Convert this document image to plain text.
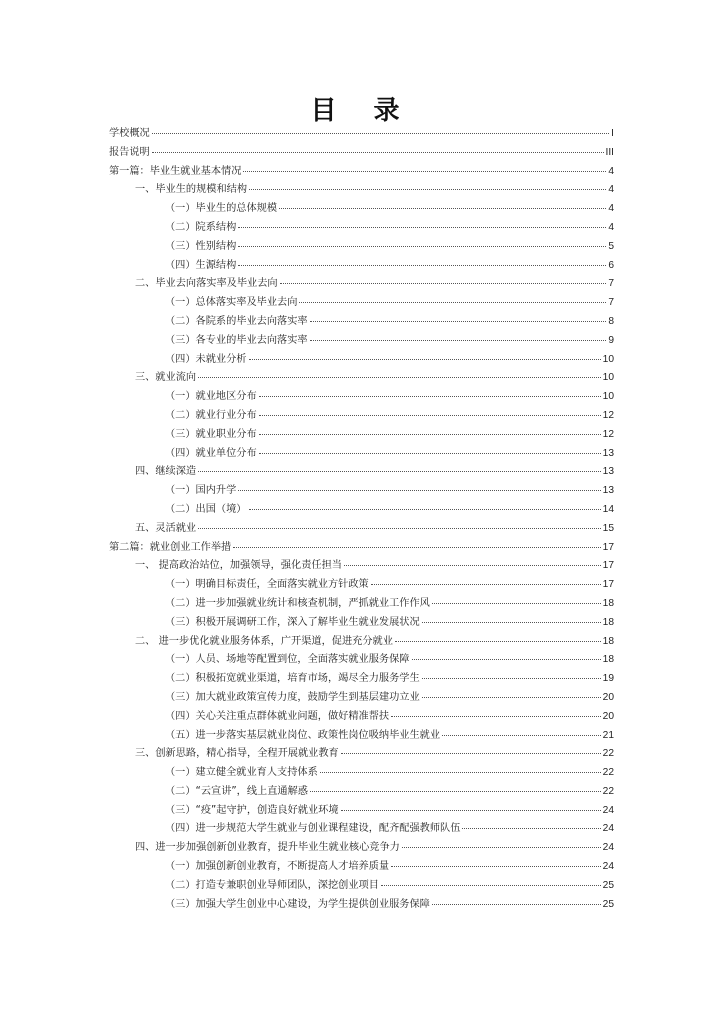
目 录
学校概况	I
报告说明	III
第一篇：毕业生就业基本情况	4
一、毕业生的规模和结构	4
（一）毕业生的总体规模	4
（二）院系结构	4
（三）性别结构	5
（四）生源结构	6
二、毕业去向落实率及毕业去向	7
（一）总体落实率及毕业去向	7
（二）各院系的毕业去向落实率	8
（三）各专业的毕业去向落实率	9
（四）未就业分析	10
三、就业流向	10
（一）就业地区分布	10
（二）就业行业分布	12
（三）就业职业分布	12
（四）就业单位分布	13
四、继续深造	13
（一）国内升学	13
（二）出国（境）	14
五、灵活就业	15
第二篇：就业创业工作举措	17
一、 提高政治站位，加强领导，强化责任担当	17
（一）明确目标责任，全面落实就业方针政策	17
（二）进一步加强就业统计和核查机制，严抓就业工作作风	18
（三）积极开展调研工作，深入了解毕业生就业发展状况	18
二、 进一步优化就业服务体系，广开渠道，促进充分就业	18
（一）人员、场地等配置到位，全面落实就业服务保障	18
（二）积极拓宽就业渠道，培育市场，竭尽全力服务学生	19
（三）加大就业政策宣传力度，鼓励学生到基层建功立业	20
（四）关心关注重点群体就业问题，做好精准帮扶	20
（五）进一步落实基层就业岗位、政策性岗位吸纳毕业生就业	21
三、创新思路，精心指导，全程开展就业教育	22
（一）建立健全就业育人支持体系	22
（二）“云宣讲”，线上直通解惑	22
（三）“疫”起守护，创造良好就业环境	24
（四）进一步规范大学生就业与创业课程建设，配齐配强教师队伍	24
四、进一步加强创新创业教育，提升毕业生就业核心竞争力	24
（一）加强创新创业教育，不断提高人才培养质量	24
（二）打造专兼职创业导师团队，深挖创业项目	25
（三）加强大学生创业中心建设，为学生提供创业服务保障	25
